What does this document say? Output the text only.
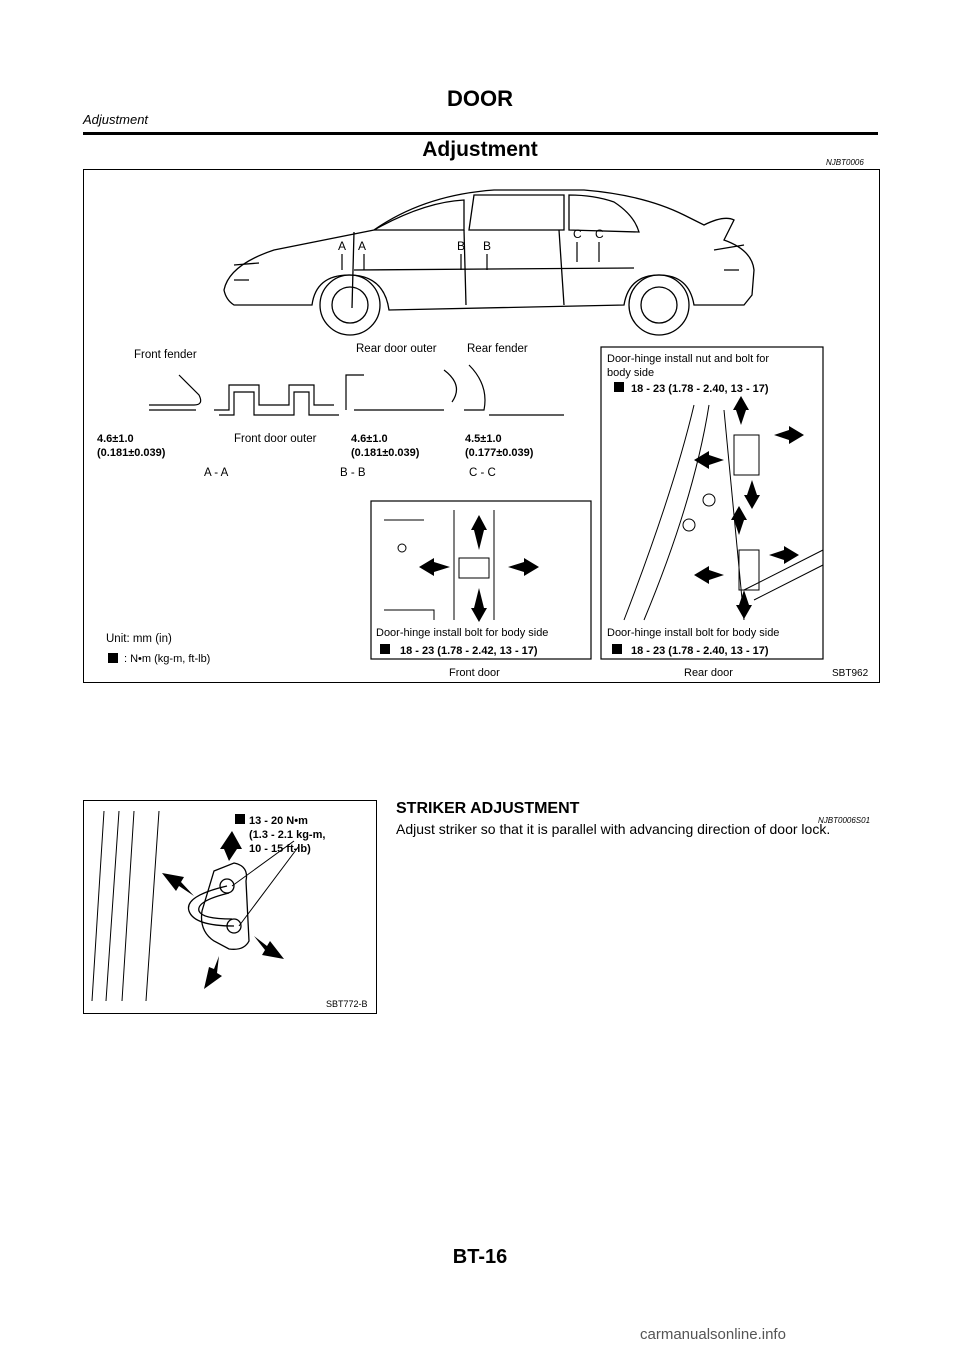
DOOR
Adjustment
Adjustment
NJBT0006
A A	B B
C C
Front fender	Rear door outer	Rear fender
Front door outer
A - A	B - B	C - C
4.6±1.0
(0.181±0.039)
4.6±1.0
(0.181±0.039)
4.5±1.0
(0.177±0.039)
Unit: mm (in)
: N•m (kg-m, ft-lb)
Door-hinge install bolt for body side
18 - 23 (1.78 - 2.42, 13 - 17)
Front door
Door-hinge install nut and bolt for
body side
18 - 23 (1.78 - 2.40, 13 - 17)
Door-hinge install bolt for body side
18 - 23 (1.78 - 2.40, 13 - 17)
Rear door	SBT962
13 - 20 N•m
(1.3 - 2.1 kg-m,
10 - 15 ft-lb)
SBT772-B
STRIKER ADJUSTMENT
NJBT0006S01
Adjust striker so that it is parallel with advancing direction of door lock.
BT-16
carmanualsonline.info
